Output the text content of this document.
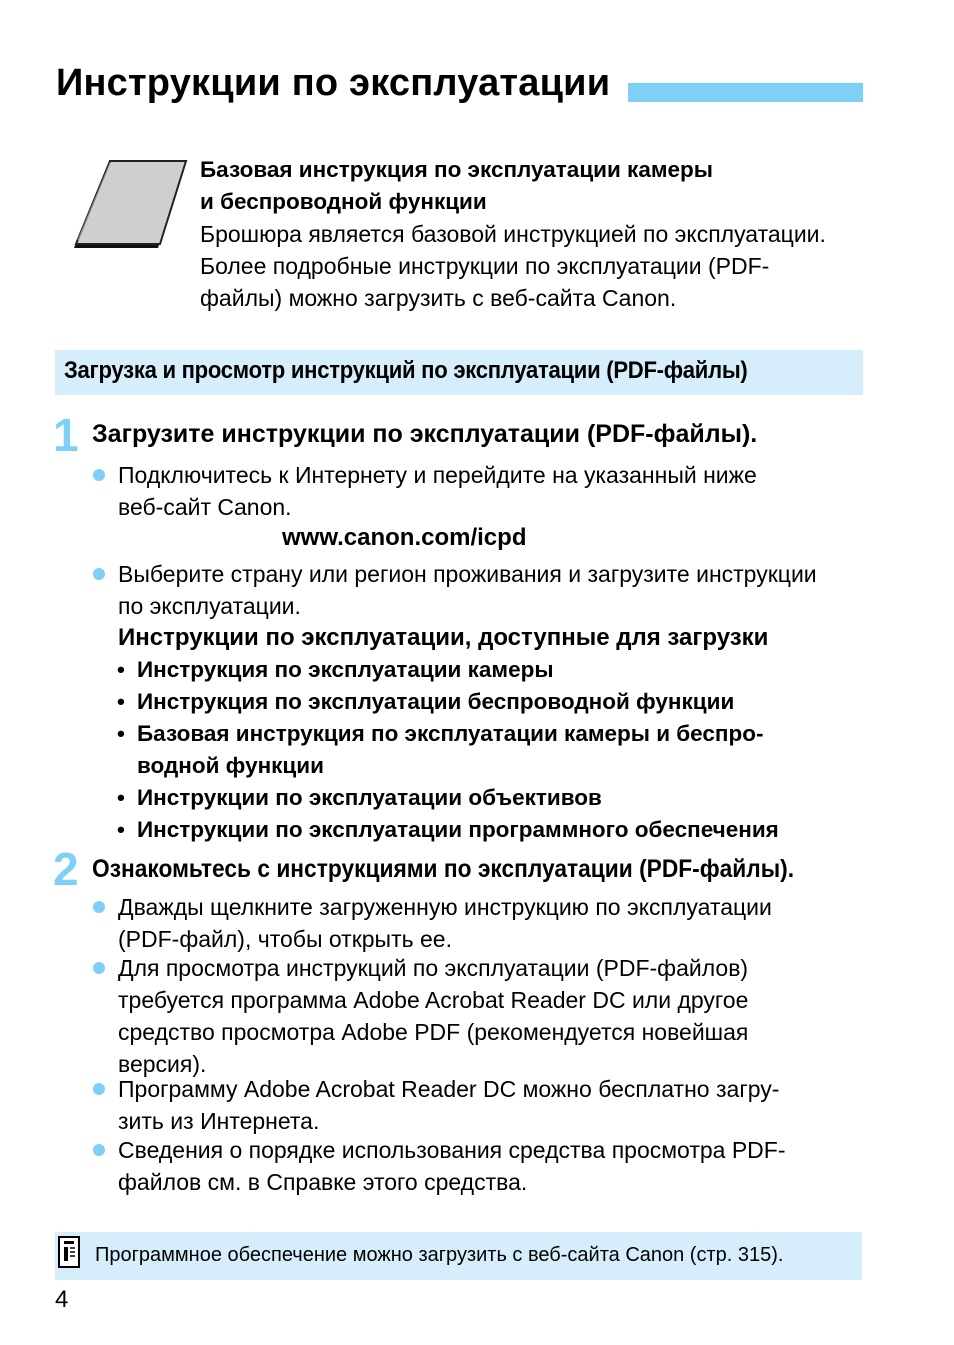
Инструкции по эксплуатации
Базовая инструкция по эксплуатации камеры
и беспроводной функции
Брошюра является базовой инструкцией по эксплуатации.
Более подробные инструкции по эксплуатации (PDF-
файлы) можно загрузить с веб-сайта Canon.
Загрузка и просмотр инструкций по эксплуатации (PDF-файлы)
1 Загрузите инструкции по эксплуатации (PDF-файлы).
Подключитесь к Интернету и перейдите на указанный ниже
веб-сайт Canon.
www.canon.com/icpd
Выберите страну или регион проживания и загрузите инструкции
по эксплуатации.
Инструкции по эксплуатации, доступные для загрузки
• Инструкция по эксплуатации камеры
• Инструкция по эксплуатации беспроводной функции
• Базовая инструкция по эксплуатации камеры и беспро-
водной функции
• Инструкции по эксплуатации объективов
• Инструкции по эксплуатации программного обеспечения
2 Ознакомьтесь с инструкциями по эксплуатации (PDF-файлы).
Дважды щелкните загруженную инструкцию по эксплуатации
(PDF-файл), чтобы открыть ее.
Для просмотра инструкций по эксплуатации (PDF-файлов)
требуется программа Adobe Acrobat Reader DC или другое
средство просмотра Adobe PDF (рекомендуется новейшая
версия).
Программу Adobe Acrobat Reader DC можно бесплатно загру-
зить из Интернета.
Сведения о порядке использования средства просмотра PDF-
файлов см. в Справке этого средства.
Программное обеспечение можно загрузить с веб-сайта Canon (стр. 315).
4
